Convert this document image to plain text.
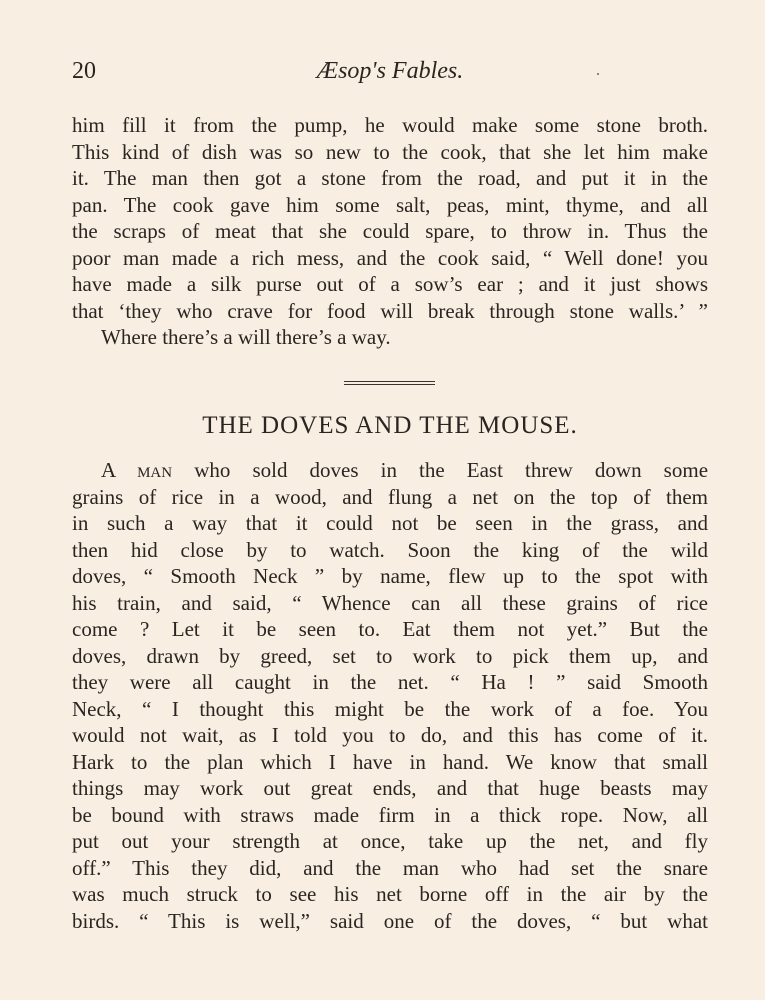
20	Æsop's Fables.
him fill it from the pump, he would make some stone broth.
This kind of dish was so new to the cook, that she let him make
it. The man then got a stone from the road, and put it in the
pan. The cook gave him some salt, peas, mint, thyme, and all
the scraps of meat that she could spare, to throw in. Thus the
poor man made a rich mess, and the cook said, “ Well done! you
have made a silk purse out of a sow’s ear ; and it just shows
that ‘they who crave for food will break through stone walls.’ ”
Where there’s a will there’s a way.
THE DOVES AND THE MOUSE.
A man who sold doves in the East threw down some
grains of rice in a wood, and flung a net on the top of them
in such a way that it could not be seen in the grass, and
then hid close by to watch. Soon the king of the wild
doves, “ Smooth Neck ” by name, flew up to the spot with
his train, and said, “ Whence can all these grains of rice
come ? Let it be seen to. Eat them not yet.” But the
doves, drawn by greed, set to work to pick them up, and
they were all caught in the net. “ Ha ! ” said Smooth
Neck, “ I thought this might be the work of a foe. You
would not wait, as I told you to do, and this has come of it.
Hark to the plan which I have in hand. We know that small
things may work out great ends, and that huge beasts may
be bound with straws made firm in a thick rope. Now, all
put out your strength at once, take up the net, and fly
off.” This they did, and the man who had set the snare
was much struck to see his net borne off in the air by the
birds. “ This is well,” said one of the doves, “ but what
